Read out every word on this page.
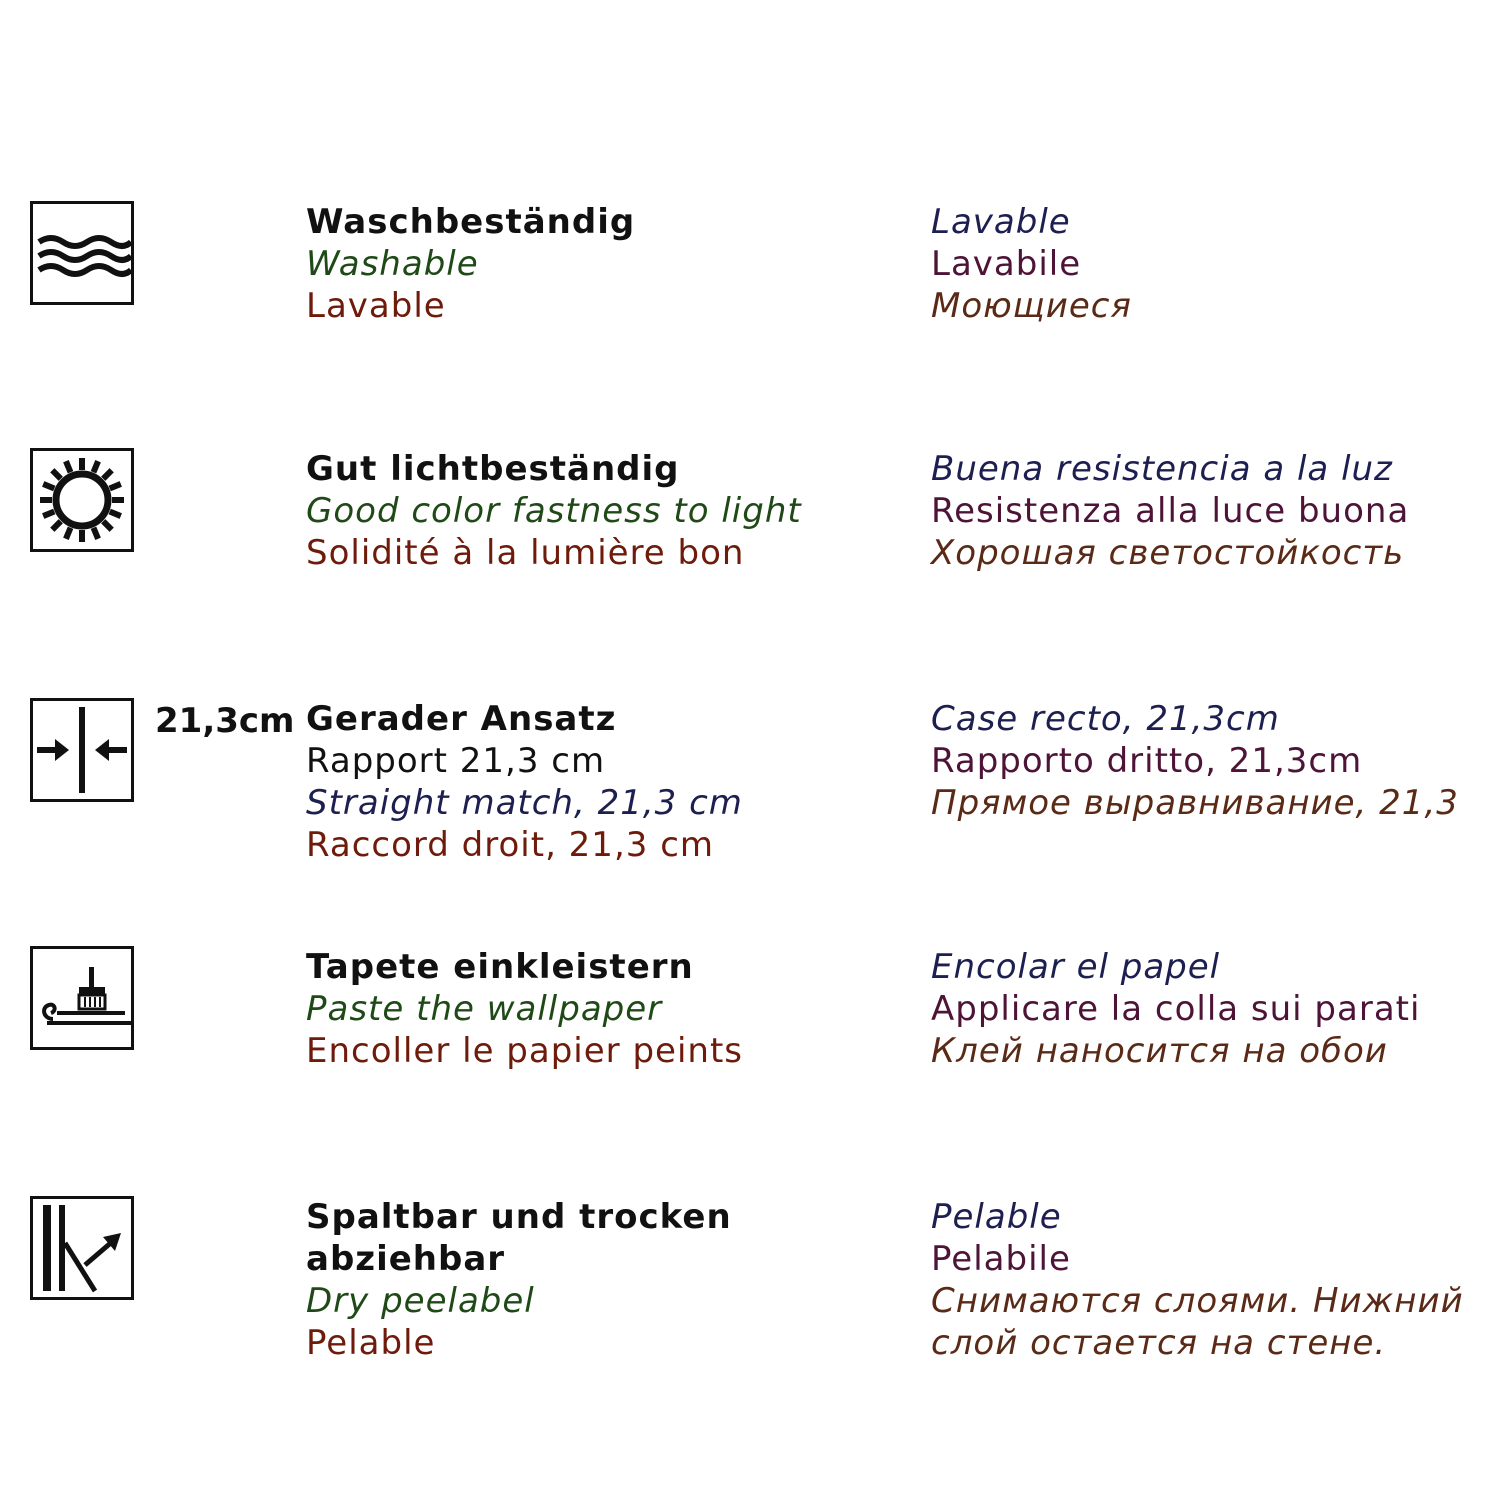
Waschbeständig
Washable
Lavable
Lavable
Lavabile
Моющиеся
Gut lichtbeständig
Good color fastness to light
Solidité à la lumière bon
Buena resistencia a la luz
Resistenza alla luce buona
Хорошая светостойкость
21,3cm Gerader Ansatz
Rapport 21,3 cm
Straight match, 21,3 cm
Raccord droit, 21,3 cm
Case recto, 21,3cm
Rapporto dritto, 21,3cm
Прямое выравнивание, 21,3
Tapete einkleistern
Paste the wallpaper
Encoller le papier peints
Encolar el papel
Applicare la colla sui parati
Клей наносится на обои
Spaltbar und trocken
abziehbar
Dry peelabel
Pelable
Pelable
Pelabile
Снимаются слоями. Нижний
слой остается на стене.
